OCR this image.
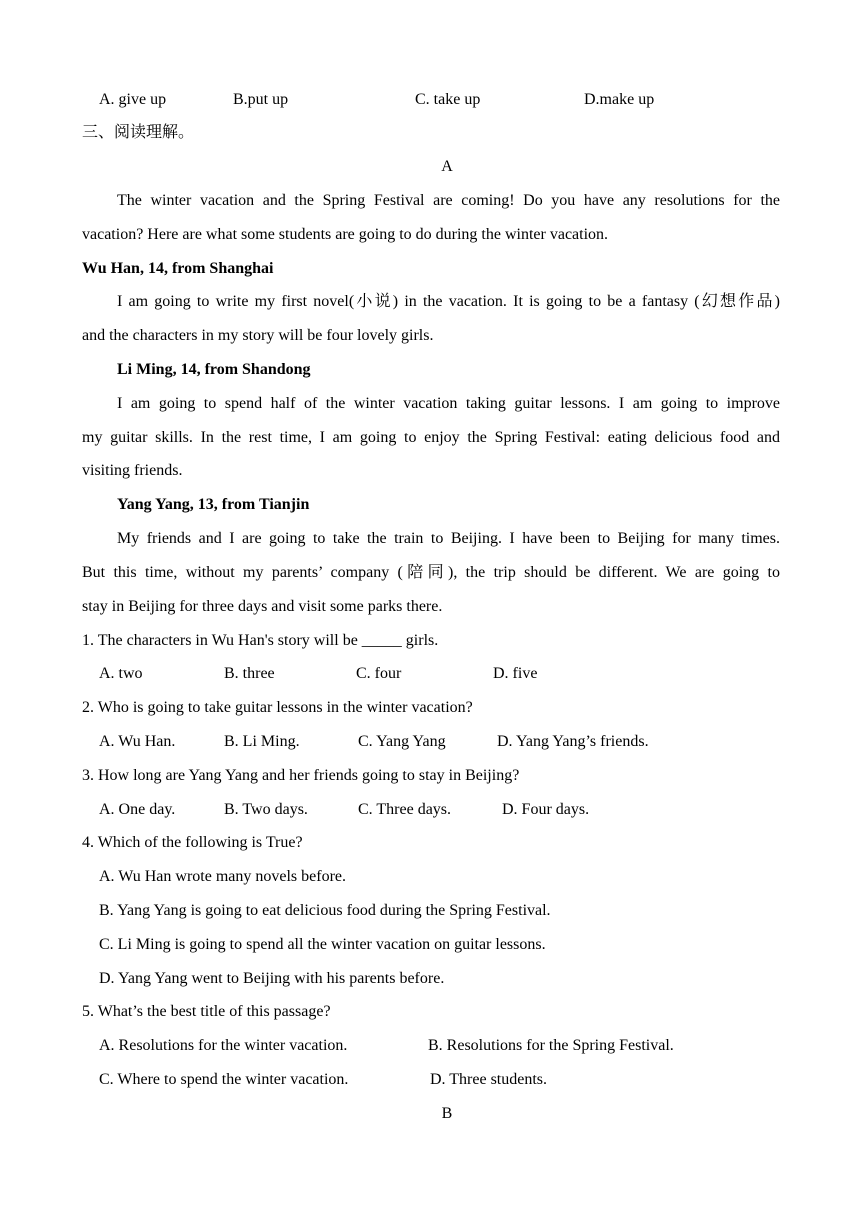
A. give up	B.put up	C. take up	D.make up
三、阅读理解。
A
The winter vacation and the Spring Festival are coming! Do you have any resolutions for the
vacation? Here are what some students are going to do during the winter vacation.
Wu Han, 14, from Shanghai
I am going to write my first novel(小说) in the vacation. It is going to be a fantasy (幻想作品)
and the characters in my story will be four lovely girls.
Li Ming, 14, from Shandong
I am going to spend half of the winter vacation taking guitar lessons. I am going to improve
my guitar skills. In the rest time, I am going to enjoy the Spring Festival: eating delicious food and
visiting friends.
Yang Yang, 13, from Tianjin
My friends and I are going to take the train to Beijing. I have been to Beijing for many times.
But this time, without my parents’ company (陪同), the trip should be different. We are going to
stay in Beijing for three days and visit some parks there.
1. The characters in Wu Han's story will be _____ girls.
A. two	B. three	C. four	D. five
2. Who is going to take guitar lessons in the winter vacation?
A. Wu Han.	B. Li Ming.	C. Yang Yang	D. Yang Yang’s friends.
3. How long are Yang Yang and her friends going to stay in Beijing?
A. One day.	B. Two days.	C. Three days.	D. Four days.
4. Which of the following is True?
A. Wu Han wrote many novels before.
B. Yang Yang is going to eat delicious food during the Spring Festival.
C. Li Ming is going to spend all the winter vacation on guitar lessons.
D. Yang Yang went to Beijing with his parents before.
5. What’s the best title of this passage?
A. Resolutions for the winter vacation.	B. Resolutions for the Spring Festival.
C. Where to spend the winter vacation.	D. Three students.
B
